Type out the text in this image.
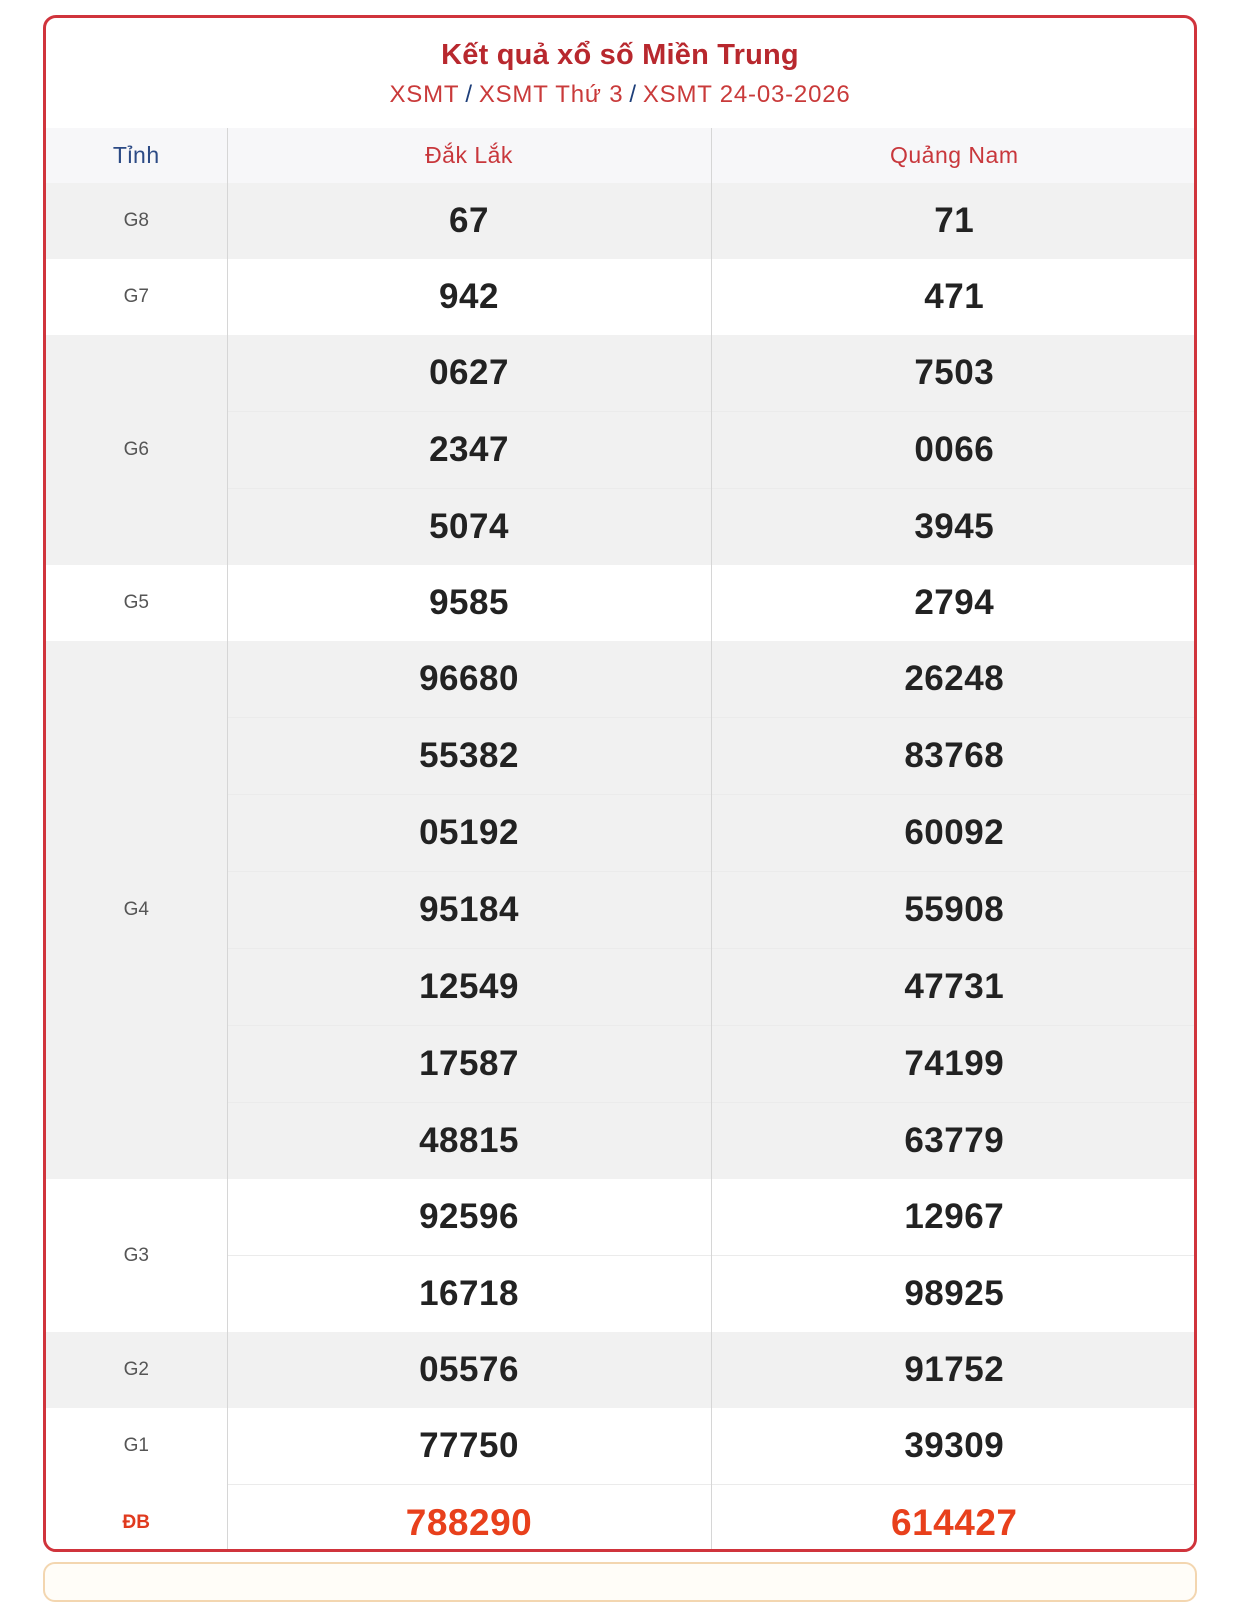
Kết quả xổ số Miền Trung
XSMT / XSMT Thứ 3 / XSMT 24-03-2026
Tỉnh	Đắk Lắk	Quảng Nam
G8	67	71
G7	942	471
G6	0627	7503
	2347	0066
	5074	3945
G5	9585	2794
G4	96680	26248
	55382	83768
	05192	60092
	95184	55908
	12549	47731
	17587	74199
	48815	63779
G3	92596	12967
	16718	98925
G2	05576	91752
G1	77750	39309
ĐB	788290	614427
